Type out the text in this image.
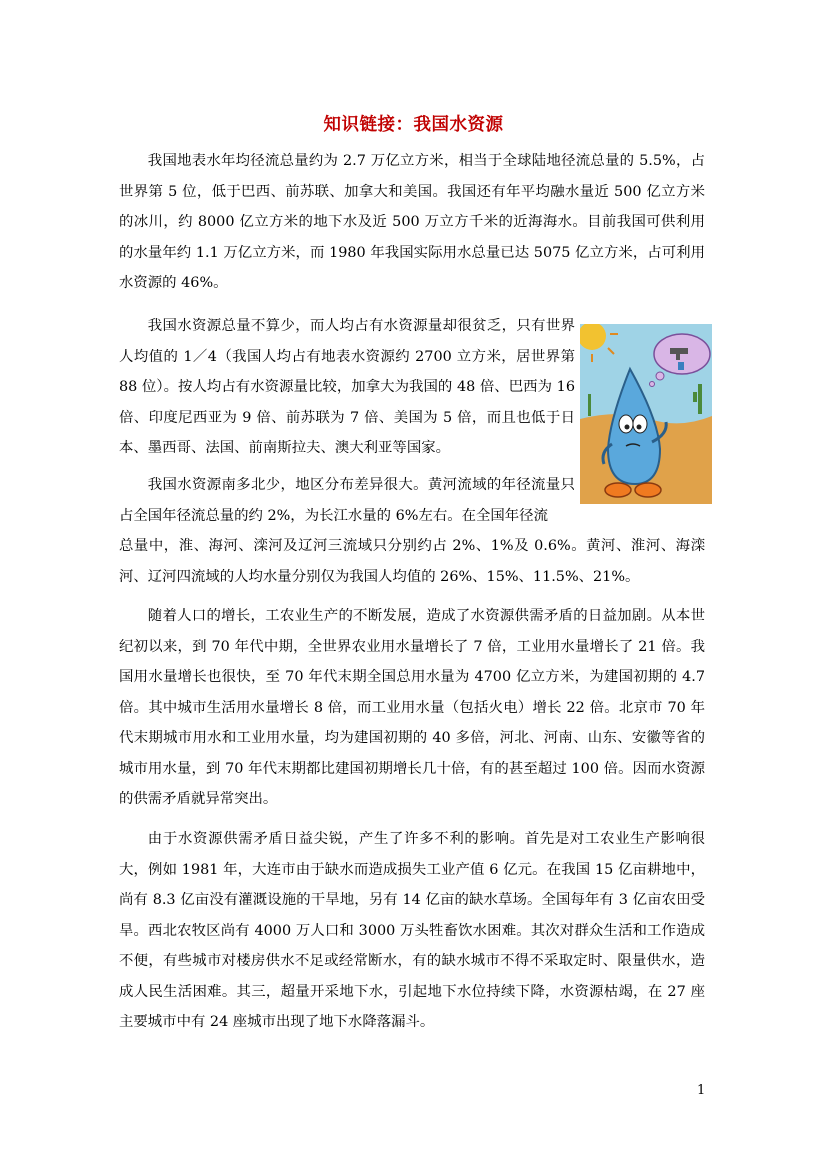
知识链接：我国水资源

我国地表水年均径流总量约为 2.7 万亿立方米，相当于全球陆地径流总量的 5.5%，占世界第 5 位，低于巴西、前苏联、加拿大和美国。我国还有年平均融水量近 500 亿立方米的冰川，约 8000 亿立方米的地下水及近 500 万立方千米的近海海水。目前我国可供利用的水量年约 1.1 万亿立方米，而 1980 年我国实际用水总量已达 5075 亿立方米，占可利用水资源的 46%。

我国水资源总量不算少，而人均占有水资源量却很贫乏，只有世界人均值的 1／4（我国人均占有地表水资源约 2700 立方米，居世界第 88 位）。按人均占有水资源量比较，加拿大为我国的 48 倍、巴西为 16 倍、印度尼西亚为 9 倍、前苏联为 7 倍、美国为 5 倍，而且也低于日本、墨西哥、法国、前南斯拉夫、澳大利亚等国家。

我国水资源南多北少，地区分布差异很大。黄河流域的年径流量只占全国年径流总量的约 2%，为长江水量的 6%左右。在全国年径流

总量中，淮、海河、滦河及辽河三流域只分别约占 2%、1%及 0.6%。黄河、淮河、海滦河、辽河四流域的人均水量分别仅为我国人均值的 26%、15%、11.5%、21%。

随着人口的增长，工农业生产的不断发展，造成了水资源供需矛盾的日益加剧。从本世纪初以来，到 70 年代中期，全世界农业用水量增长了 7 倍，工业用水量增长了 21 倍。我国用水量增长也很快，至 70 年代末期全国总用水量为 4700 亿立方米，为建国初期的 4.7 倍。其中城市生活用水量增长 8 倍，而工业用水量（包括火电）增长 22 倍。北京市 70 年代末期城市用水和工业用水量，均为建国初期的 40 多倍，河北、河南、山东、安徽等省的城市用水量，到 70 年代末期都比建国初期增长几十倍，有的甚至超过 100 倍。因而水资源的供需矛盾就异常突出。

由于水资源供需矛盾日益尖锐，产生了许多不利的影响。首先是对工农业生产影响很大，例如 1981 年，大连市由于缺水而造成损失工业产值 6 亿元。在我国 15 亿亩耕地中，尚有 8.3 亿亩没有灌溉设施的干旱地，另有 14 亿亩的缺水草场。全国每年有 3 亿亩农田受旱。西北农牧区尚有 4000 万人口和 3000 万头牲畜饮水困难。其次对群众生活和工作造成不便，有些城市对楼房供水不足或经常断水，有的缺水城市不得不采取定时、限量供水，造成人民生活困难。其三，超量开采地下水，引起地下水位持续下降，水资源枯竭，在 27 座主要城市中有 24 座城市出现了地下水降落漏斗。

1
